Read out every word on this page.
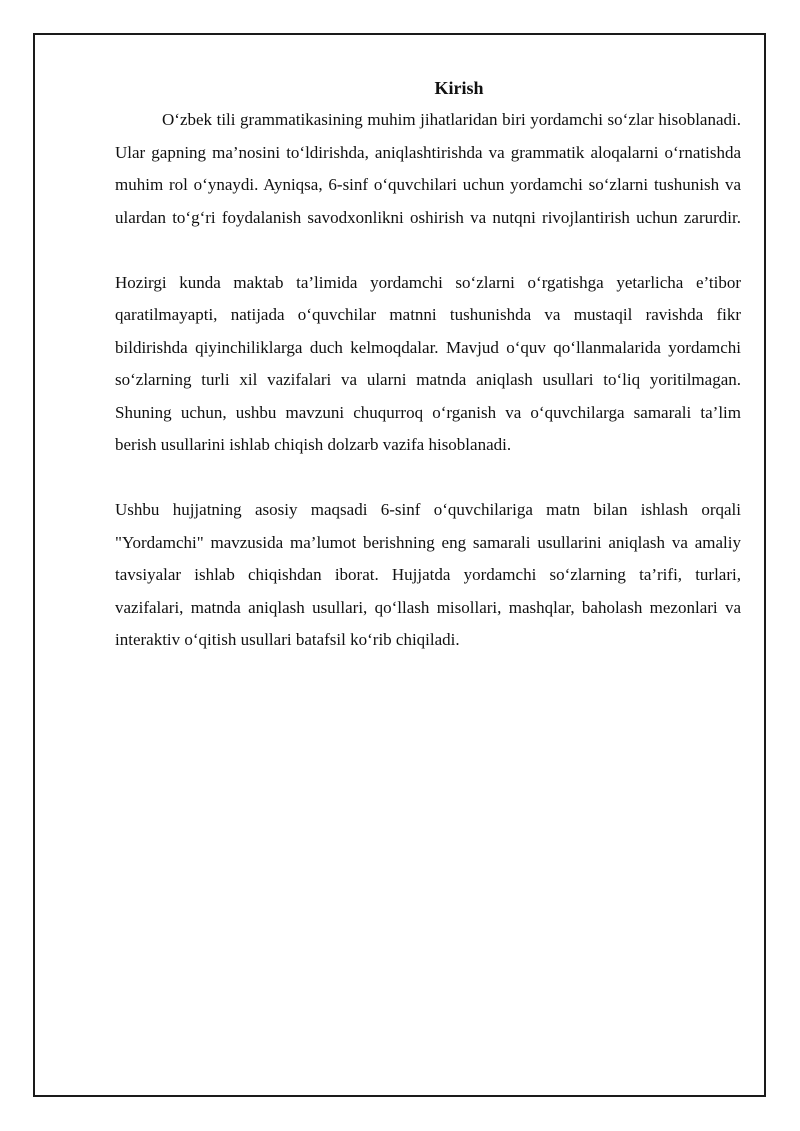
Kirish

O‘zbek tili grammatikasining muhim jihatlaridan biri yordamchi so‘zlar hisoblanadi. Ular gapning ma’nosini to‘ldirishda, aniqlashtirishda va grammatik aloqalarni o‘rnatishda muhim rol o‘ynaydi. Ayniqsa, 6-sinf o‘quvchilari uchun yordamchi so‘zlarni tushunish va ulardan to‘g‘ri foydalanish savodxonlikni oshirish va nutqni rivojlantirish uchun zarurdir.

Hozirgi kunda maktab ta’limida yordamchi so‘zlarni o‘rgatishga yetarlicha e’tibor qaratilmayapti, natijada o‘quvchilar matnni tushunishda va mustaqil ravishda fikr bildirishda qiyinchiliklarga duch kelmoqdalar. Mavjud o‘quv qo‘llanmalarida yordamchi so‘zlarning turli xil vazifalari va ularni matnda aniqlash usullari to‘liq yoritilmagan. Shuning uchun, ushbu mavzuni chuqurroq o‘rganish va o‘quvchilarga samarali ta’lim berish usullarini ishlab chiqish dolzarb vazifa hisoblanadi.

Ushbu hujjatning asosiy maqsadi 6-sinf o‘quvchilariga matn bilan ishlash orqali "Yordamchi" mavzusida ma’lumot berishning eng samarali usullarini aniqlash va amaliy tavsiyalar ishlab chiqishdan iborat. Hujjatda yordamchi so‘zlarning ta’rifi, turlari, vazifalari, matnda aniqlash usullari, qo‘llash misollari, mashqlar, baholash mezonlari va interaktiv o‘qitish usullari batafsil ko‘rib chiqiladi.
